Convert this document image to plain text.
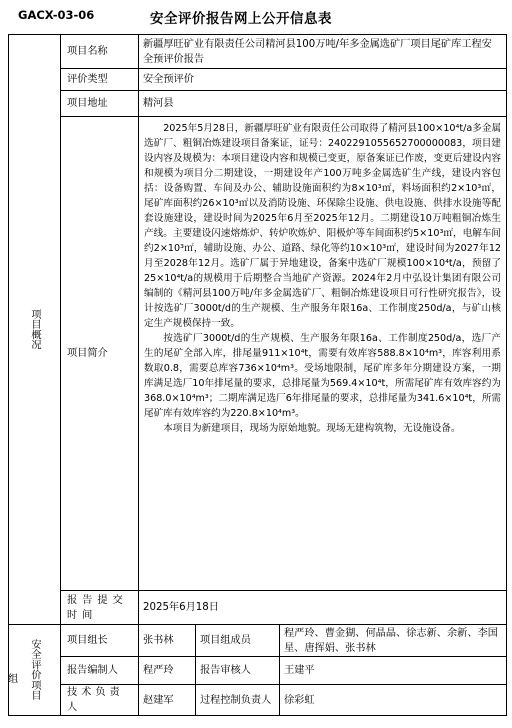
GACX-03-06	安全评价报告网上公开信息表
项目概况	项目名称	新疆厚旺矿业有限责任公司精河县100万吨/年多金属选矿厂项目尾矿库工程安全预评价报告		
	评价类型	安全预评价		
	项目地址	精河县		
	项目简介	2025年5月28日，新疆厚旺矿业有限责任公司取得了精河县100×10⁴t/a多金属选矿厂、粗铜冶炼建设项目备案证，证号：2402291055652700000083，项目建设内容及规模为：本项目建设内容和规模已变更，原备案证已作废，变更后建设内容和规模为项目分二期建设，一期建设年产100万吨多金属选矿生产线，建设内容包括：设备购置、车间及办公、辅助设施面积约为8×10³㎡，料场面积约2×10³㎡，尾矿库面积约26×10³㎡以及消防设施、环保除尘设施、供电设施、供排水设施等配套设施建设，建设时间为2025年6月至2025年12月。二期建设10万吨粗铜冶炼生产线。主要建设闪速熔炼炉、转炉吹炼炉、阳极炉等车间面积约5×10³㎡，电解车间约2×10³㎡，辅助设施、办公、道路、绿化等约10×10³㎡，建设时间为2027年12月至2028年12月。选矿厂属于异地建设，备案中选矿厂规模100×10⁴t/a，预留了25×10⁴t/a的规模用于后期整合当地矿产资源。2024年2月中弘设计集团有限公司编制的《精河县100万吨/年多金属选矿厂、粗铜冶炼建设项目可行性研究报告》，设计按选矿厂3000t/d的生产规模、生产服务年限16a、工作制度250d/a，与矿山核定生产规模保持一致。

按选矿厂3000t/d的生产规模、生产服务年限16a、工作制度250d/a，选厂产生的尾矿全部入库，排尾量911×10⁴t，需要有效库容588.8×10⁴m³，库容利用系数取0.8，需要总库容736×10⁴m³。受场地限制，尾矿库多年分期建设方案，一期库满足选厂10年排尾量的要求，总排尾量为569.4×10⁴t，所需尾矿库有效库容约为368.0×10⁴m³；二期库满足选厂6年排尾量的要求，总排尾量为341.6×10⁴t，所需尾矿库有效库容约为220.8×10⁴m³。

本项目为新建项目，现场为原始地貌。现场无建构筑物，无设施设备。		

	报告提交时间	2025年6月18日		
安全评价项目	项目组长	张书林	项目组成员	程严玲、曹金猢、何晶晶、徐志新、余新、李国星、唐挥娟、张书林
	报告编制人	程严玲	报告审核人	王建平
	技术负责人	赵建军	过程控制负责人	徐彩虹
组
